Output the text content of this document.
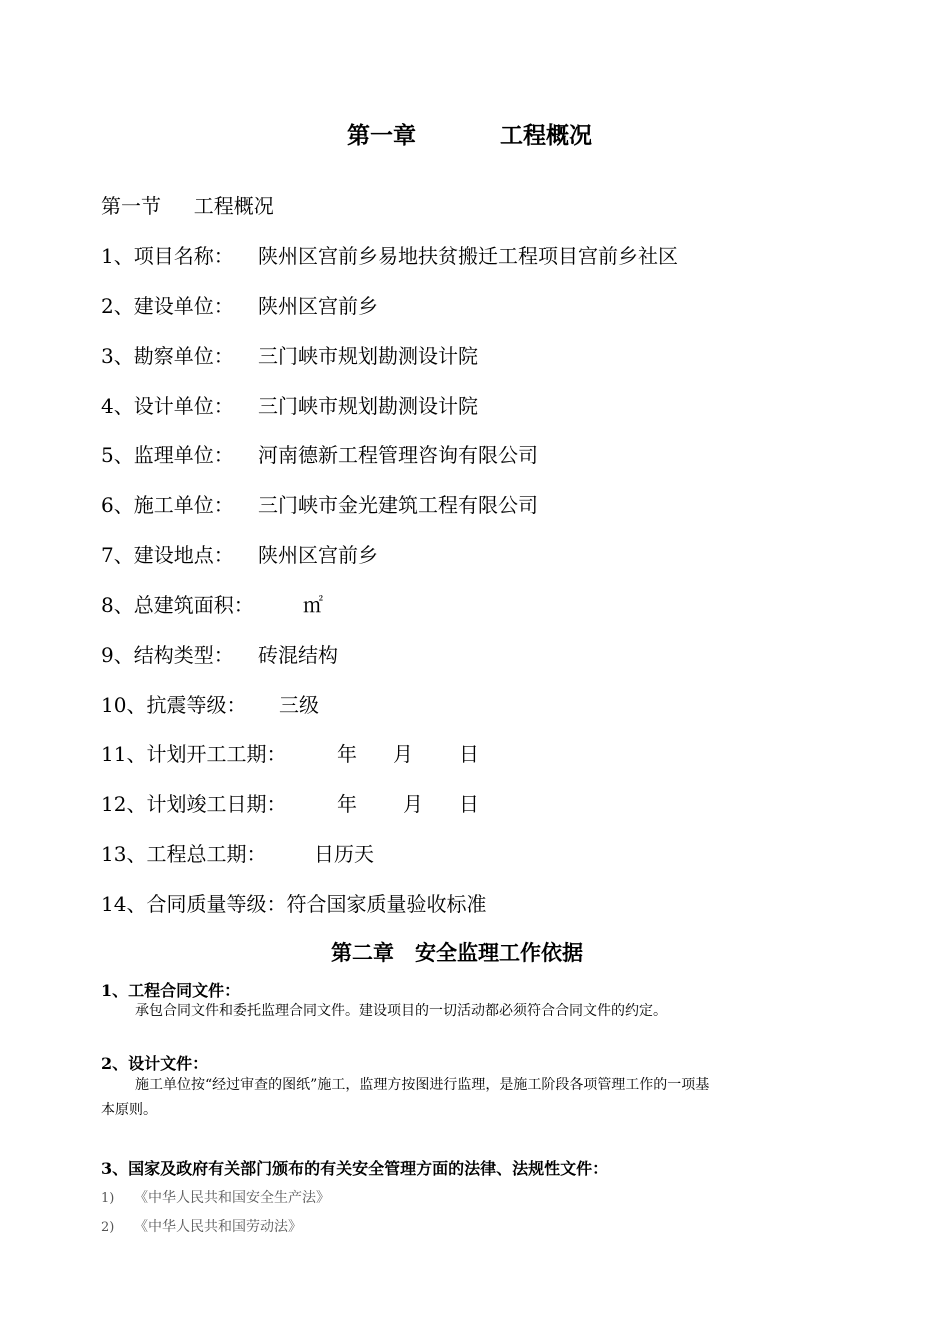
第一章	工程概况
第一节 工程概况
1、项目名称： 陕州区宫前乡易地扶贫搬迁工程项目宫前乡社区
2、建设单位： 陕州区宫前乡
3、勘察单位： 三门峡市规划勘测设计院
4、设计单位： 三门峡市规划勘测设计院
5、监理单位： 河南德新工程管理咨询有限公司
6、施工单位： 三门峡市金光建筑工程有限公司
7、建设地点： 陕州区宫前乡
8、总建筑面积： ㎡
9、结构类型： 砖混结构
10、抗震等级： 三级
11、计划开工工期：	年 月 日
12、计划竣工日期：	年 月 日
13、工程总工期： 日历天
14、合同质量等级：符合国家质量验收标准
第二章　安全监理工作依据
1、工程合同文件：
承包合同文件和委托监理合同文件。建设项目的一切活动都必须符合合同文件的约定。
2、设计文件：
施工单位按“经过审查的图纸”施工，监理方按图进行监理，是施工阶段各项管理工作的一项基
本原则。
3、国家及政府有关部门颁布的有关安全管理方面的法律、法规性文件：
1) 《中华人民共和国安全生产法》
2) 《中华人民共和国劳动法》
